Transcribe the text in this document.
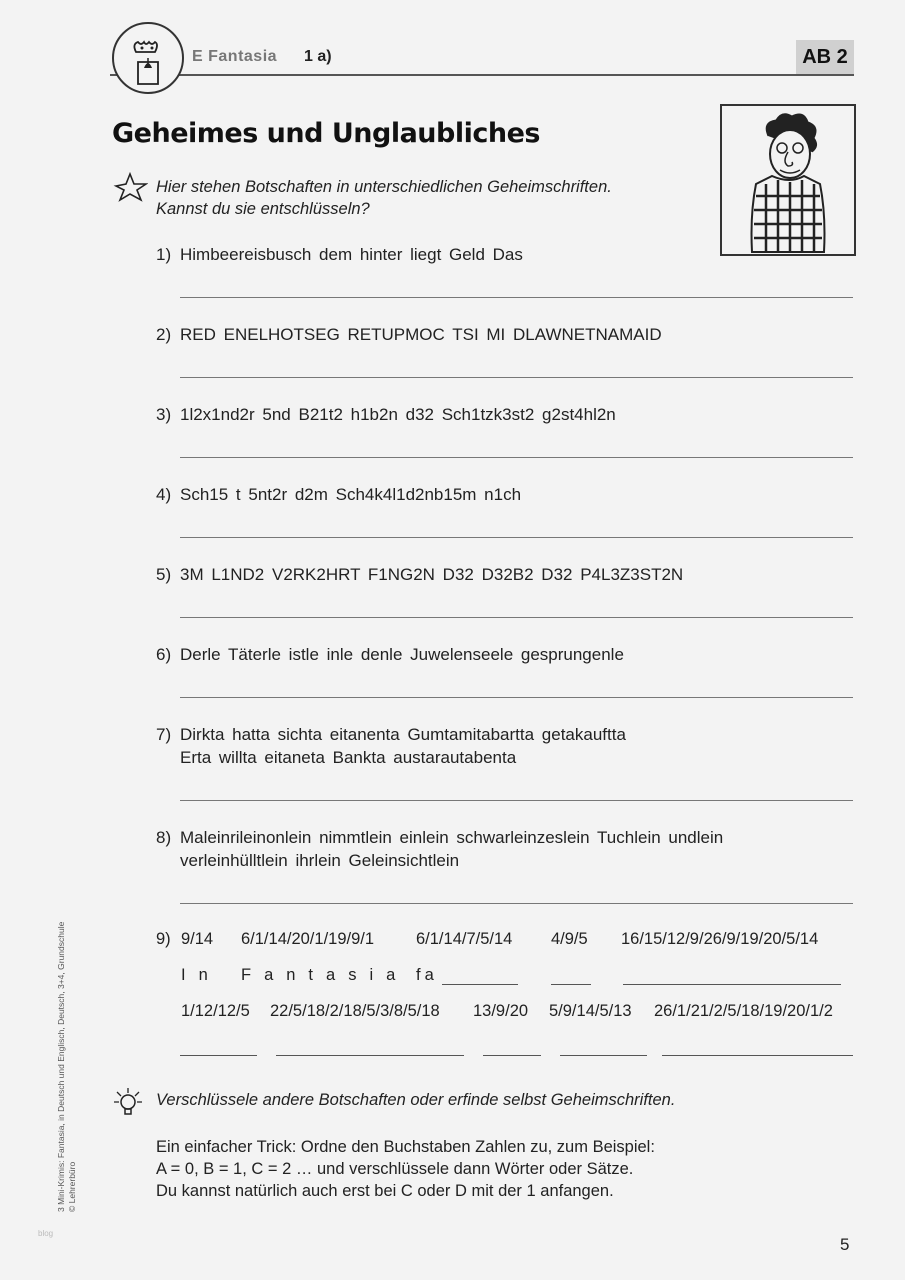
E Fantasia 1 a)	AB 2
Geheimes und Unglaubliches
Hier stehen Botschaften in unterschiedlichen Geheimschriften.
Kannst du sie entschlüsseln?
1) Himbeereisbusch dem hinter liegt Geld Das
2) RED ENELHOTSEG RETUPMOC TSI MI DLAWNETNAMAID
3) 1l2x1nd2r 5nd B21t2 h1b2n d32 Sch1tzk3st2 g2st4hl2n
4) Sch15 t 5nt2r d2m Sch4k4l1d2nb15m n1ch
5) 3M L1ND2 V2RK2HRT F1NG2N D32 D32B2 D32 P4L3Z3ST2N
6) Derle Täterle istle inle denle Juwelenseele gesprungenle
7) Dirkta hatta sichta eitanenta Gumtamitabartta getakauftta
Erta willta eitaneta Bankta austarautabenta
8) Maleinrileinonlein nimmtlein einlein schwarleinzeslein Tuchlein undlein
verleinhülltlein ihrlein Geleinsichtlein
9) 9/14 6/1/14/20/1/19/9/1	6/1/14/7/5/14 4/9/5 16/15/12/9/26/9/19/20/5/14
In Fantasia fa
1/12/12/5 22/5/18/2/18/5/3/8/5/18 13/9/20 5/9/14/5/13 26/1/21/2/5/18/19/20/1/2
Verschlüssele andere Botschaften oder erfinde selbst Geheimschriften.
Ein einfacher Trick: Ordne den Buchstaben Zahlen zu, zum Beispiel:
A = 0, B = 1, C = 2 … und verschlüssele dann Wörter oder Sätze.
Du kannst natürlich auch erst bei C oder D mit der 1 anfangen.
3 Mini-Krimis: Fantasia, in Deutsch und Englisch, Deutsch, 3+4, Grundschule © Lehrerbüro
blog
5
